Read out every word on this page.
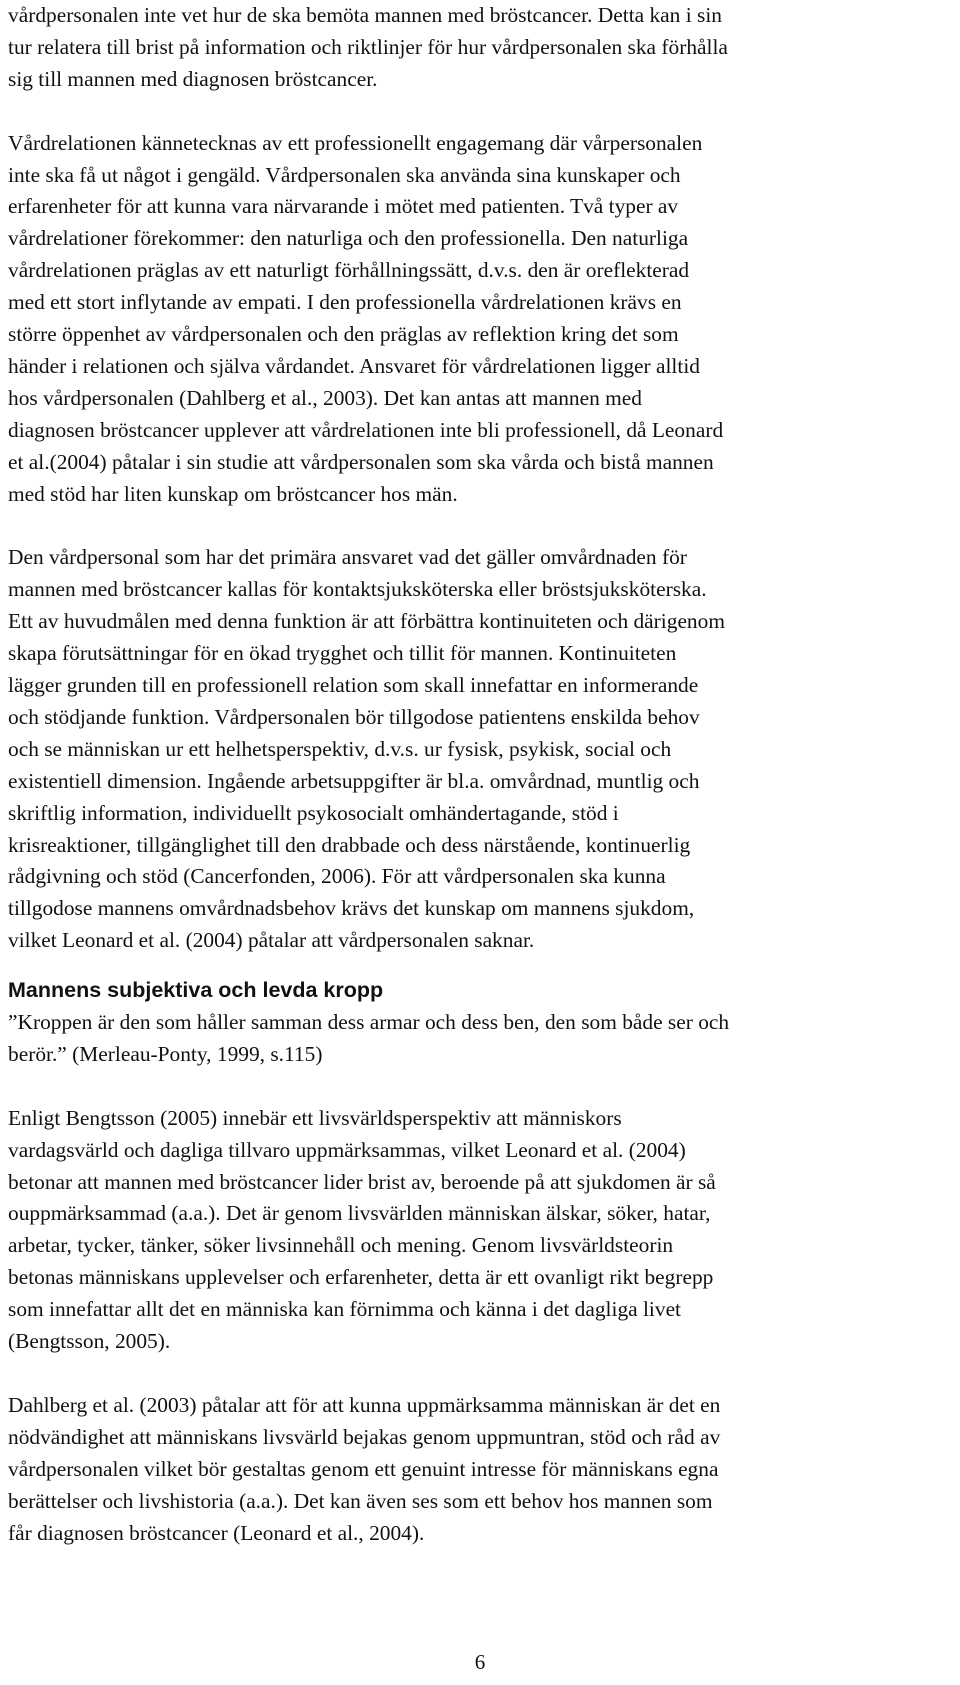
vårdpersonalen inte vet hur de ska bemöta mannen med bröstcancer. Detta kan i sin
tur relatera till brist på information och riktlinjer för hur vårdpersonalen ska förhålla
sig till mannen med diagnosen bröstcancer.
Vårdrelationen kännetecknas av ett professionellt engagemang där vårpersonalen
inte ska få ut något i gengäld. Vårdpersonalen ska använda sina kunskaper och
erfarenheter för att kunna vara närvarande i mötet med patienten. Två typer av
vårdrelationer förekommer: den naturliga och den professionella. Den naturliga
vårdrelationen präglas av ett naturligt förhållningssätt, d.v.s. den är oreflekterad
med ett stort inflytande av empati. I den professionella vårdrelationen krävs en
större öppenhet av vårdpersonalen och den präglas av reflektion kring det som
händer i relationen och själva vårdandet. Ansvaret för vårdrelationen ligger alltid
hos vårdpersonalen (Dahlberg et al., 2003). Det kan antas att mannen med
diagnosen bröstcancer upplever att vårdrelationen inte bli professionell, då Leonard
et al.(2004) påtalar i sin studie att vårdpersonalen som ska vårda och bistå mannen
med stöd har liten kunskap om bröstcancer hos män.
Den vårdpersonal som har det primära ansvaret vad det gäller omvårdnaden för
mannen med bröstcancer kallas för kontaktsjuksköterska eller bröstsjuksköterska.
Ett av huvudmålen med denna funktion är att förbättra kontinuiteten och därigenom
skapa förutsättningar för en ökad trygghet och tillit för mannen. Kontinuiteten
lägger grunden till en professionell relation som skall innefattar en informerande
och stödjande funktion. Vårdpersonalen bör tillgodose patientens enskilda behov
och se människan ur ett helhetsperspektiv, d.v.s. ur fysisk, psykisk, social och
existentiell dimension. Ingående arbetsuppgifter är bl.a. omvårdnad, muntlig och
skriftlig information, individuellt psykosocialt omhändertagande, stöd i
krisreaktioner, tillgänglighet till den drabbade och dess närstående, kontinuerlig
rådgivning och stöd (Cancerfonden, 2006). För att vårdpersonalen ska kunna
tillgodose mannens omvårdnadsbehov krävs det kunskap om mannens sjukdom,
vilket Leonard et al. (2004) påtalar att vårdpersonalen saknar.
Mannens subjektiva och levda kropp
”Kroppen är den som håller samman dess armar och dess ben, den som både ser och
berör.” (Merleau-Ponty, 1999, s.115)
Enligt Bengtsson (2005) innebär ett livsvärldsperspektiv att människors
vardagsvärld och dagliga tillvaro uppmärksammas, vilket Leonard et al. (2004)
betonar att mannen med bröstcancer lider brist av, beroende på att sjukdomen är så
ouppmärksammad (a.a.). Det är genom livsvärlden människan älskar, söker, hatar,
arbetar, tycker, tänker, söker livsinnehåll och mening. Genom livsvärldsteorin
betonas människans upplevelser och erfarenheter, detta är ett ovanligt rikt begrepp
som innefattar allt det en människa kan förnimma och känna i det dagliga livet
(Bengtsson, 2005).
Dahlberg et al. (2003) påtalar att för att kunna uppmärksamma människan är det en
nödvändighet att människans livsvärld bejakas genom uppmuntran, stöd och råd av
vårdpersonalen vilket bör gestaltas genom ett genuint intresse för människans egna
berättelser och livshistoria (a.a.). Det kan även ses som ett behov hos mannen som
får diagnosen bröstcancer (Leonard et al., 2004).
6
